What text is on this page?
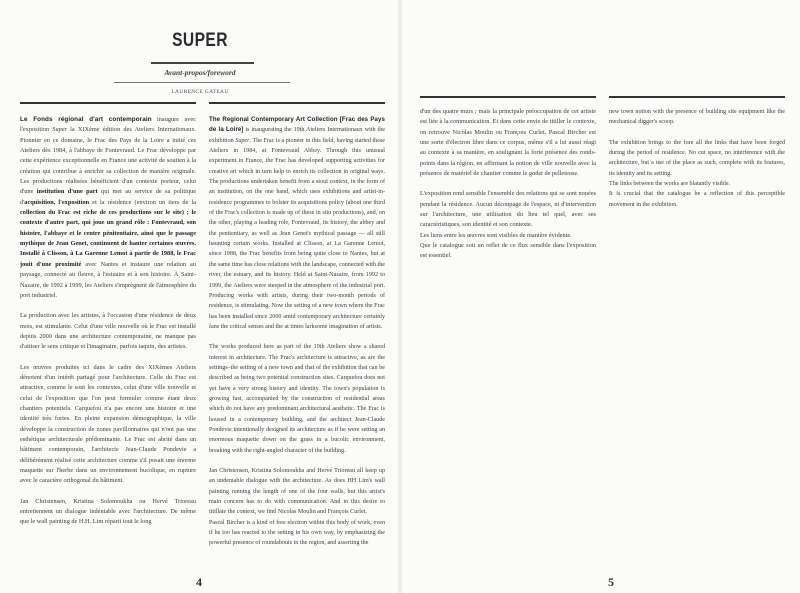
SUPER
Avant-propos/foreword
LAURENCE GATEAU

Le Fonds régional d'art contemporain inaugure avec l'exposition Super la XIXème édition des Ateliers Internationaux. Pionnier en ce domaine, le Frac des Pays de la Loire a initié ces Ateliers dès 1984, à l'abbaye de Fontevraud. Le Frac développe par cette expérience exceptionnelle en France une activité de soutien à la création qui contribue à enrichir sa collection de manière originale. Les productions réalisées bénéficient d'un contexte porteur, celui d'une institution d'une part qui met au service de sa politique d'acquisition, l'exposition et la résidence (environ un tiers de la collection du Frac est riche de ces productions sur le site) ; le contexte d'autre part, qui joue un grand rôle : Fontevraud, son histoire, l'abbaye et le centre pénitentiaire, ainsi que le passage mythique de Jean Genet, continuent de hanter certaines œuvres. Installé à Clisson, à La Garenne Lemot à partir de 1988, le Frac jouit d'une proximité avec Nantes et instaure une relation au paysage, connecté au fleuve, à l'estuaire et à son histoire. À Saint-Nazaire, de 1992 à 1999, les Ateliers s'imprègnent de l'atmosphère du port industriel.

La production avec les artistes, à l'occasion d'une résidence de deux mois, est stimulante. Celui d'une ville nouvelle où le Frac est installé depuis 2000 dans une architecture contemporaine, ne manque pas d'attiser le sens critique et l'imaginaire, parfois taquin, des artistes.

Les œuvres produites ici dans le cadre des XIXèmes Ateliers dénotent d'un intérêt partagé pour l'architecture. Celle du Frac est attractive, comme le sont les contextes, celui d'une ville nouvelle et celui de l'exposition que l'on peut formuler comme étant deux chantiers potentiels. Carquefou n'a pas encore une histoire et une identité très fortes. En pleine expansion démographique, la ville développe la construction de zones pavillonnaires qui n'ont pas une esthétique architecturale prédominante. Le Frac est abrité dans un bâtiment contemporain, l'architecte Jean-Claude Pondevie a délibérément réalisé cette architecture comme s'il posait une énorme maquette sur l'herbe dans un environnement bucolique, en rupture avec le caractère orthogonal du bâtiment.

Jan Christensen, Kristina Solomoukha ou Hervé Trioreau entretiennent un dialogue indéniable avec l'architecture. De même que le wall painting de H.H. Lim réparti tout le long

The Regional Contemporary Art Collection [Frac des Pays de la Loire] is inaugurating the 19th Ateliers Internationaux with the exhibition Super. The Frac is a pioneer in this field, having started these Ateliers in 1984, at Fontevraud Abbey. Through this unusual experiment in France, the Frac has developed supporting activities for creative art which in turn help to enrich its collection in original ways. The productions undertaken benefit from a stout context, in the form of an institution, on the one hand, which uses exhibitions and artist-in-residence programmes to bolster its acquisitions policy (about one third of the Frac's collection is made up of these in situ productions), and, on the other, playing a leading role, Fontevraud, its history, the abbey and the penitentiary, as well as Jean Genet's mythical passage — all still haunting certain works. Installed at Clisson, at La Garenne Lemot, since 1988, the Frac benefits from being quite close to Nantes, but at the same time has close relations with the landscape, connected with the river, the estuary, and its history. Held at Saint-Nazaire, from 1992 to 1999, the Ateliers were steeped in the atmosphere of the industrial port. Producing works with artists, during their two-month periods of residence, is stimulating. Now the setting of a new town where the Frac has been installed since 2000 amid contemporary architecture certainly fans the critical senses and the at times larksome imagination of artists.

The works produced here as part of the 19th Ateliers show a shared interest in architecture. The Frac's architecture is attractive, as are the settings–the setting of a new town and that of the exhibition that can be described as being two potential construction sites. Carquefou does not yet have a very strong history and identity. The town's population is growing fast, accompanied by the construction of residential areas which do not have any predominant architectural aesthetic. The Frac is housed in a contemporary building, and the architect Jean-Claude Pondevie intentionally designed its architecture as if he were setting an enormous maquette down on the grass in a bucolic environment, breaking with the right-angled character of the building.

Jan Christensen, Kristina Solomoukha and Hervé Trioreau all keep up an undeniable dialogue with the architecture. As does HH Lim's wall painting running the length of one of the four walls, but this artist's main concern has to do with communication. And in this desire to titillate the context, we find Nicolas Moulin and François Curlet.

Pascal Bircher is a kind of free electron within this body of work, even if he too has reacted to the setting in his own way, by emphasizing the powerful presence of roundabouts in the region, and asserting the

4

d'un des quatre murs ; mais la principale préoccupation de cet artiste est liée à la communication. Et dans cette envie de titiller le contexte, on retrouve Nicolas Moulin ou François Curlet. Pascal Bircher est une sorte d'électron libre dans ce corpus, même s'il a lui aussi réagi au contexte à sa manière, en soulignant la forte présence des ronds-points dans la région, en affirmant la notion de ville nouvelle avec la présence de matériel de chantier comme le godet de pelleteuse.

L'exposition rend sensible l'ensemble des relations qui se sont nouées pendant la résidence. Aucun découpage de l'espace, ni d'intervention sur l'architecture, une utilisation du lieu tel quel, avec ses caractéristiques, son identité et son contexte.

Les liens entre les œuvres sont visibles de manière évidente.

Que le catalogue soit un reflet de ce flux sensible dans l'exposition est essentiel.

new town notion with the presence of building site equipment like the mechanical digger's scoop.

The exhibition brings to the fore all the links that have been forged during the period of residence. No cut space, no interference with the architecture, but a use of the place as such, complete with its features, its identity and its setting.

The links between the works are blatantly visible.

It is crucial that the catalogue be a reflection of this perceptible movement in the exhibition.

5
